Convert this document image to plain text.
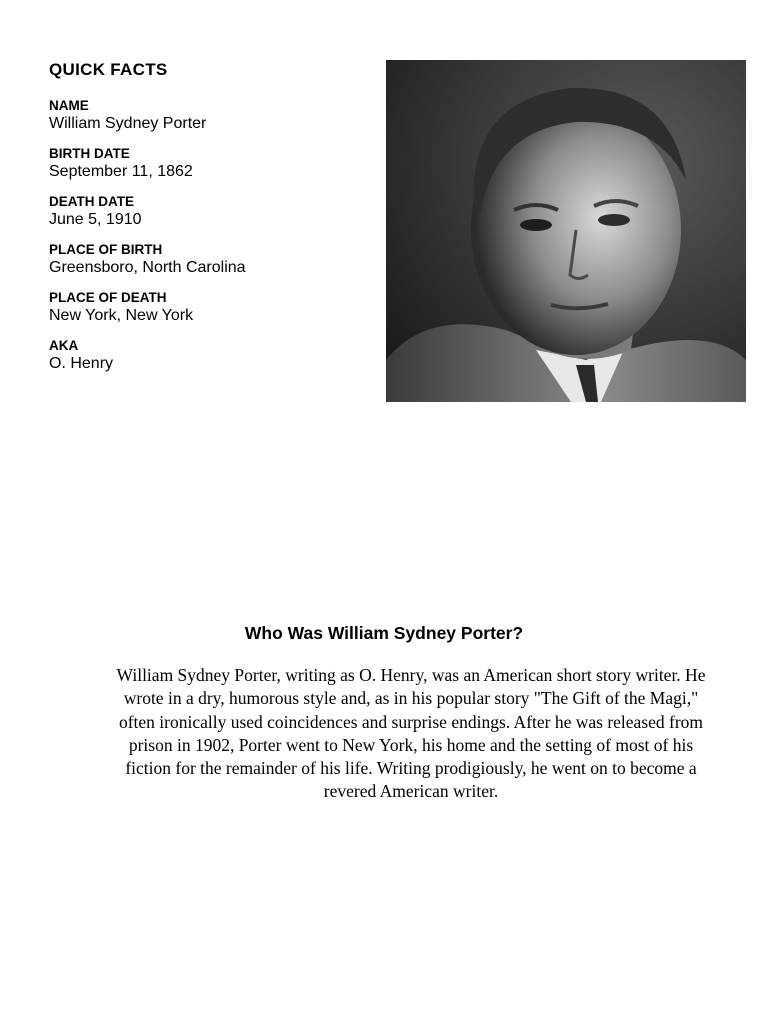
QUICK FACTS
NAME
William Sydney Porter
BIRTH DATE
September 11, 1862
DEATH DATE
June 5, 1910
PLACE OF BIRTH
Greensboro, North Carolina
PLACE OF DEATH
New York, New York
AKA
O. Henry
Who Was William Sydney Porter?
William Sydney Porter, writing as O. Henry, was an American short story writer. He wrote in a dry, humorous style and, as in his popular story "The Gift of the Magi," often ironically used coincidences and surprise endings. After he was released from prison in 1902, Porter went to New York, his home and the setting of most of his fiction for the remainder of his life. Writing prodigiously, he went on to become a revered American writer.
